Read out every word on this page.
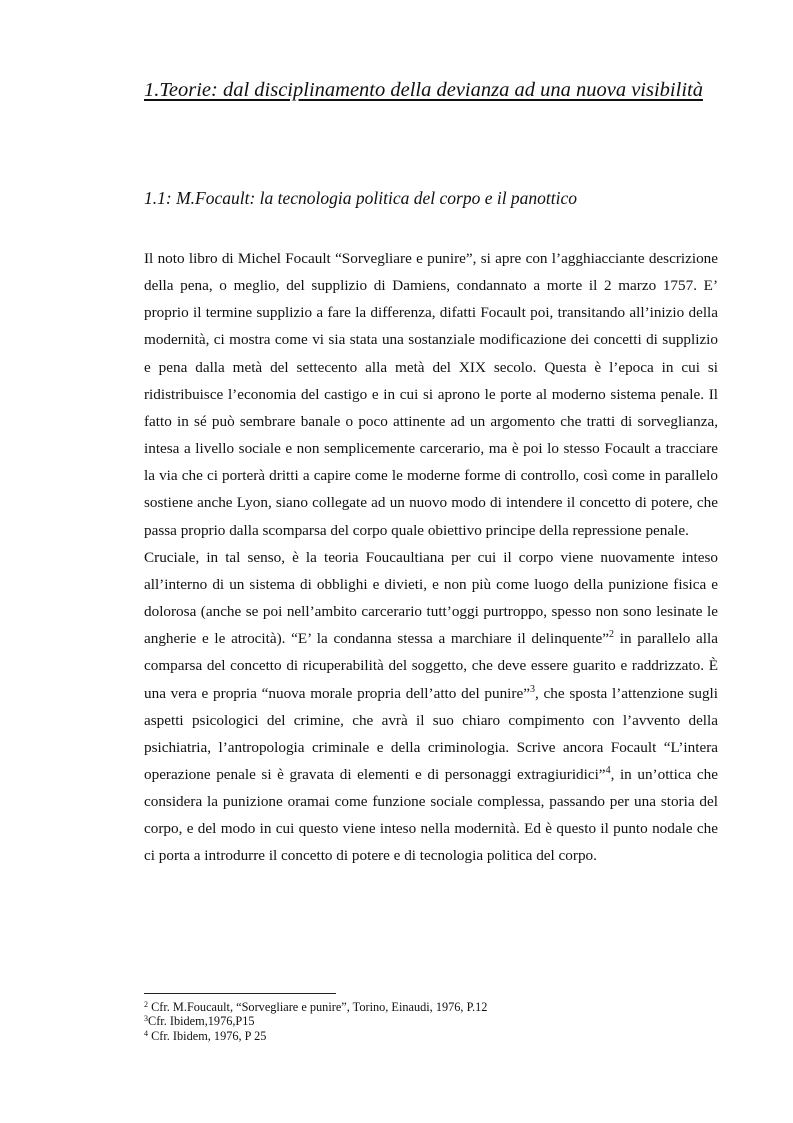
1.Teorie: dal disciplinamento della devianza ad una nuova visibilità
1.1: M.Focault: la tecnologia politica del corpo e il panottico

Il noto libro di Michel Focault “Sorvegliare e punire”, si apre con l’agghiacciante descrizione della pena, o meglio, del supplizio di Damiens, condannato a morte il 2 marzo 1757. E’ proprio il termine supplizio a fare la differenza, difatti Focault poi, transitando all’inizio della modernità, ci mostra come vi sia stata una sostanziale modificazione dei concetti di supplizio e pena dalla metà del settecento alla metà del XIX secolo. Questa è l’epoca in cui si ridistribuisce l’economia del castigo e in cui si aprono le porte al moderno sistema penale. Il fatto in sé può sembrare banale o poco attinente ad un argomento che tratti di sorveglianza, intesa a livello sociale e non semplicemente carcerario, ma è poi lo stesso Focault a tracciare la via che ci porterà dritti a capire come le moderne forme di controllo, così come in parallelo sostiene anche Lyon, siano collegate ad un nuovo modo di intendere il concetto di potere, che passa proprio dalla scomparsa del corpo quale obiettivo principe della repressione penale.

Cruciale, in tal senso, è la teoria Foucaultiana per cui il corpo viene nuovamente inteso all’interno di un sistema di obblighi e divieti, e non più come luogo della punizione fisica e dolorosa (anche se poi nell’ambito carcerario tutt’oggi purtroppo, spesso non sono lesinate le angherie e le atrocità). “E’ la condanna stessa a marchiare il delinquente”$^2$ in parallelo alla comparsa del concetto di ricuperabilità del soggetto, che deve essere guarito e raddrizzato. È una vera e propria “nuova morale propria dell’atto del punire”$^3$, che sposta l’attenzione sugli aspetti psicologici del crimine, che avrà il suo chiaro compimento con l’avvento della psichiatria, l’antropologia criminale e della criminologia. Scrive ancora Focault “L’intera operazione penale si è gravata di elementi e di personaggi extragiuridici”$^4$, in un’ottica che considera la punizione oramai come funzione sociale complessa, passando per una storia del corpo, e del modo in cui questo viene inteso nella modernità. Ed è questo il punto nodale che ci porta a introdurre il concetto di potere e di tecnologia politica del corpo.

$^2$ Cfr. M.Foucault, “Sorvegliare e punire”, Torino, Einaudi, 1976, P.12

$^3$Cfr. Ibidem,1976,P15

$^4$ Cfr. Ibidem, 1976, P 25
